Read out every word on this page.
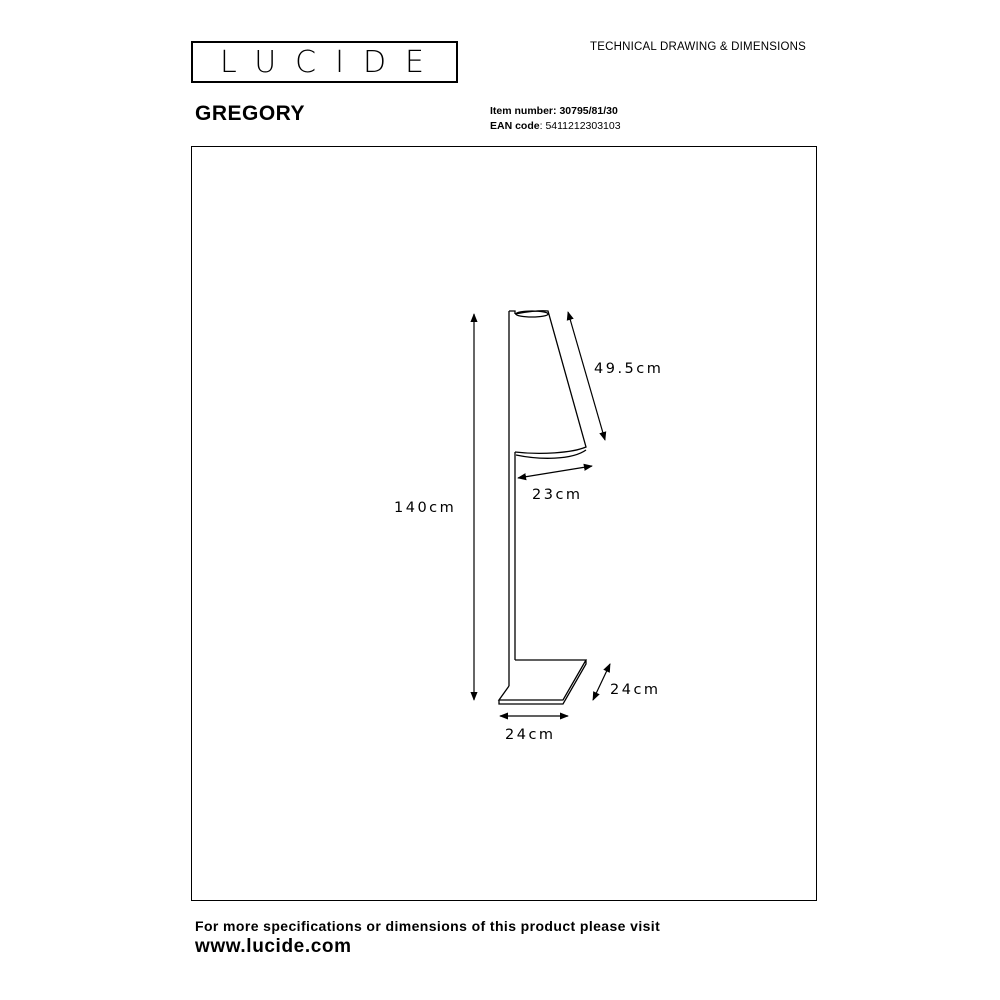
LUCIDE	TECHNICAL DRAWING & DIMENSIONS
GREGORY	Item number: 30795/81/30
EAN code: 5411212303103
140cm
49.5cm
23cm
24cm
24cm
For more specifications or dimensions of this product please visit
www.lucide.com
